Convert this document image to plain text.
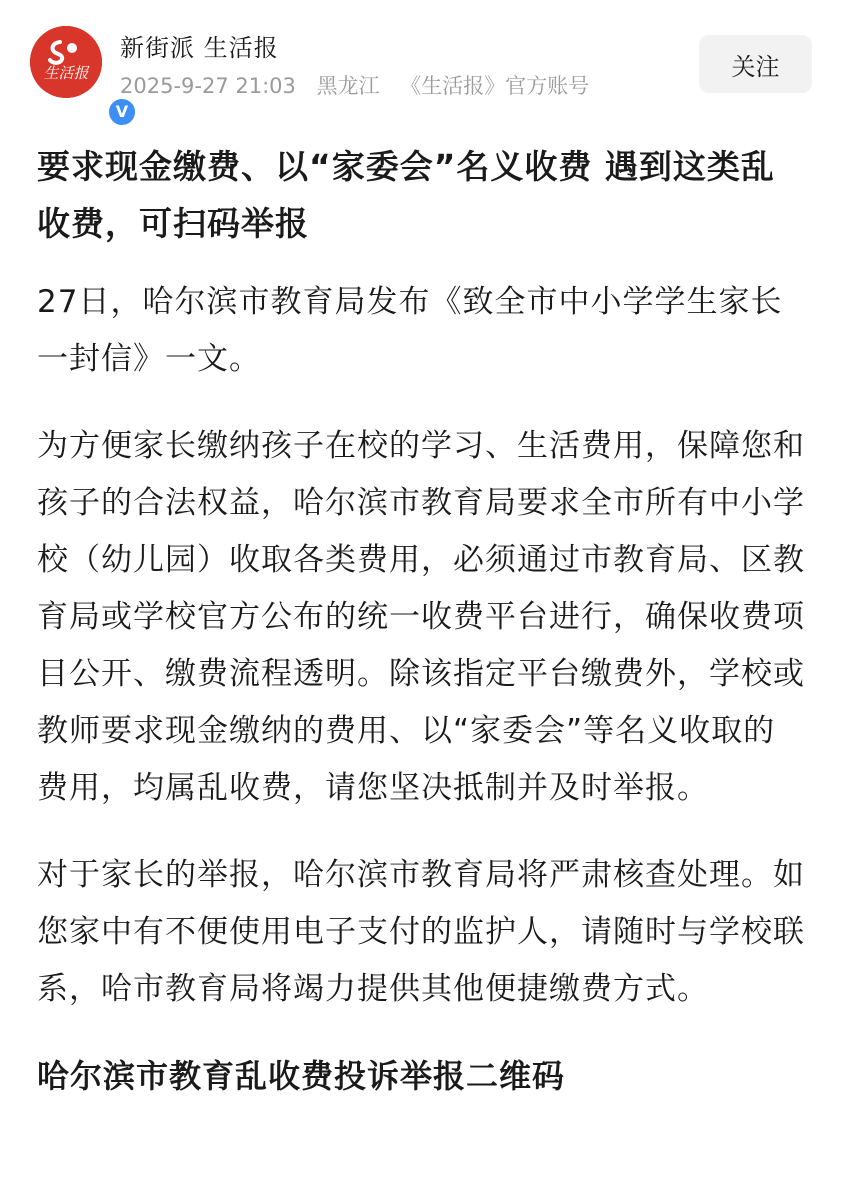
生活报
V
新街派 生活报
2025-9-27 21:03 黑龙江 《生活报》官方账号
关注
要求现金缴费、以“家委会”名义收费 遇到这类乱收费，可扫码举报

27日，哈尔滨市教育局发布《致全市中小学学生家长一封信》一文。

为方便家长缴纳孩子在校的学习、生活费用，保障您和孩子的合法权益，哈尔滨市教育局要求全市所有中小学校（幼儿园）收取各类费用，必须通过市教育局、区教育局或学校官方公布的统一收费平台进行，确保收费项目公开、缴费流程透明。除该指定平台缴费外，学校或教师要求现金缴纳的费用、以“家委会”等名义收取的费用，均属乱收费，请您坚决抵制并及时举报。

对于家长的举报，哈尔滨市教育局将严肃核查处理。如您家中有不便使用电子支付的监护人，请随时与学校联系，哈市教育局将竭力提供其他便捷缴费方式。

哈尔滨市教育乱收费投诉举报二维码
